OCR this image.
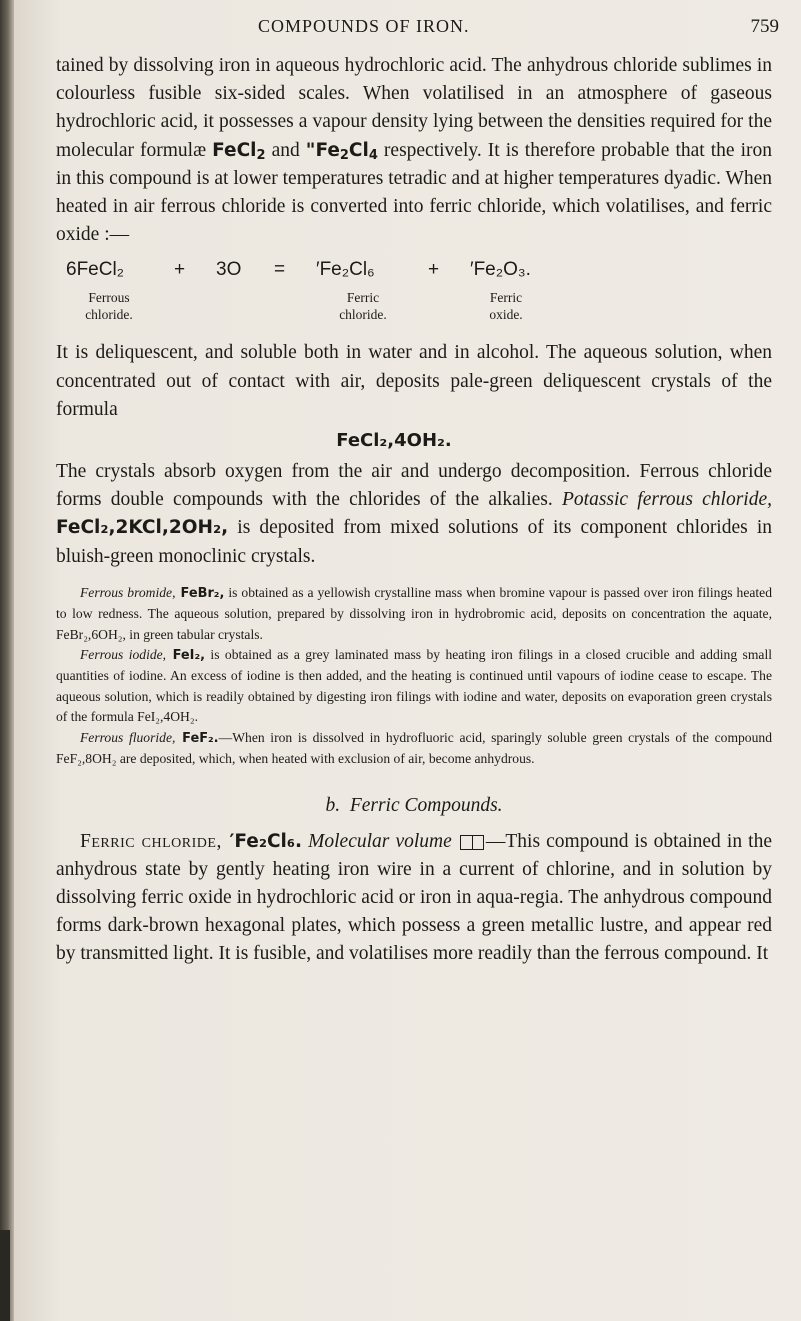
COMPOUNDS OF IRON.	759

tained by dissolving iron in aqueous hydrochloric acid. The anhydrous chloride sublimes in colourless fusible six-sided scales. When volatilised in an atmosphere of gaseous hydrochloric acid, it possesses a vapour density lying between the densities required for the molecular formulæ FeCl$_2$ and "$Fe_2Cl_4$ respectively. It is therefore probable that the iron in this compound is at lower temperatures tetradic and at higher temperatures dyadic. When heated in air ferrous chloride is converted into ferric chloride, which volatilises, and ferric oxide :—

6FeCl₂	+ 3O = ′Fe₂Cl₆	+ ′Fe₂O₃.
Ferrous
chloride.
Ferric
chloride.
Ferric
oxide.

It is deliquescent, and soluble both in water and in alcohol. The aqueous solution, when concentrated out of contact with air, deposits pale-green deliquescent crystals of the formula

FeCl₂,4OH₂.

The crystals absorb oxygen from the air and undergo decomposition. Ferrous chloride forms double compounds with the chlorides of the alkalies. Potassic ferrous chloride, FeCl₂,2KCl,2OH₂, is deposited from mixed solutions of its component chlorides in bluish-green monoclinic crystals.

Ferrous bromide, FeBr₂, is obtained as a yellowish crystalline mass when bromine vapour is passed over iron filings heated to low redness. The aqueous solution, prepared by dissolving iron in hydrobromic acid, deposits on concentration the aquate, FeBr₂,6OH₂, in green tabular crystals.

Ferrous iodide, FeI₂, is obtained as a grey laminated mass by heating iron filings in a closed crucible and adding small quantities of iodine. An excess of iodine is then added, and the heating is continued until vapours of iodine cease to escape. The aqueous solution, which is readily obtained by digesting iron filings with iodine and water, deposits on evaporation green crystals of the formula FeI₂,4OH₂.

Ferrous fluoride, FeF₂.—When iron is dissolved in hydrofluoric acid, sparingly soluble green crystals of the compound FeF₂,8OH₂ are deposited, which, when heated with exclusion of air, become anhydrous.

b. Ferric Compounds.

Ferric chloride, ′Fe₂Cl₆. Molecular volume —This compound is obtained in the anhydrous state by gently heating iron wire in a current of chlorine, and in solution by dissolving ferric oxide in hydrochloric acid or iron in aqua-regia. The anhydrous compound forms dark-brown hexagonal plates, which possess a green metallic lustre, and appear red by transmitted light. It is fusible, and volatilises more readily than the ferrous compound. It
